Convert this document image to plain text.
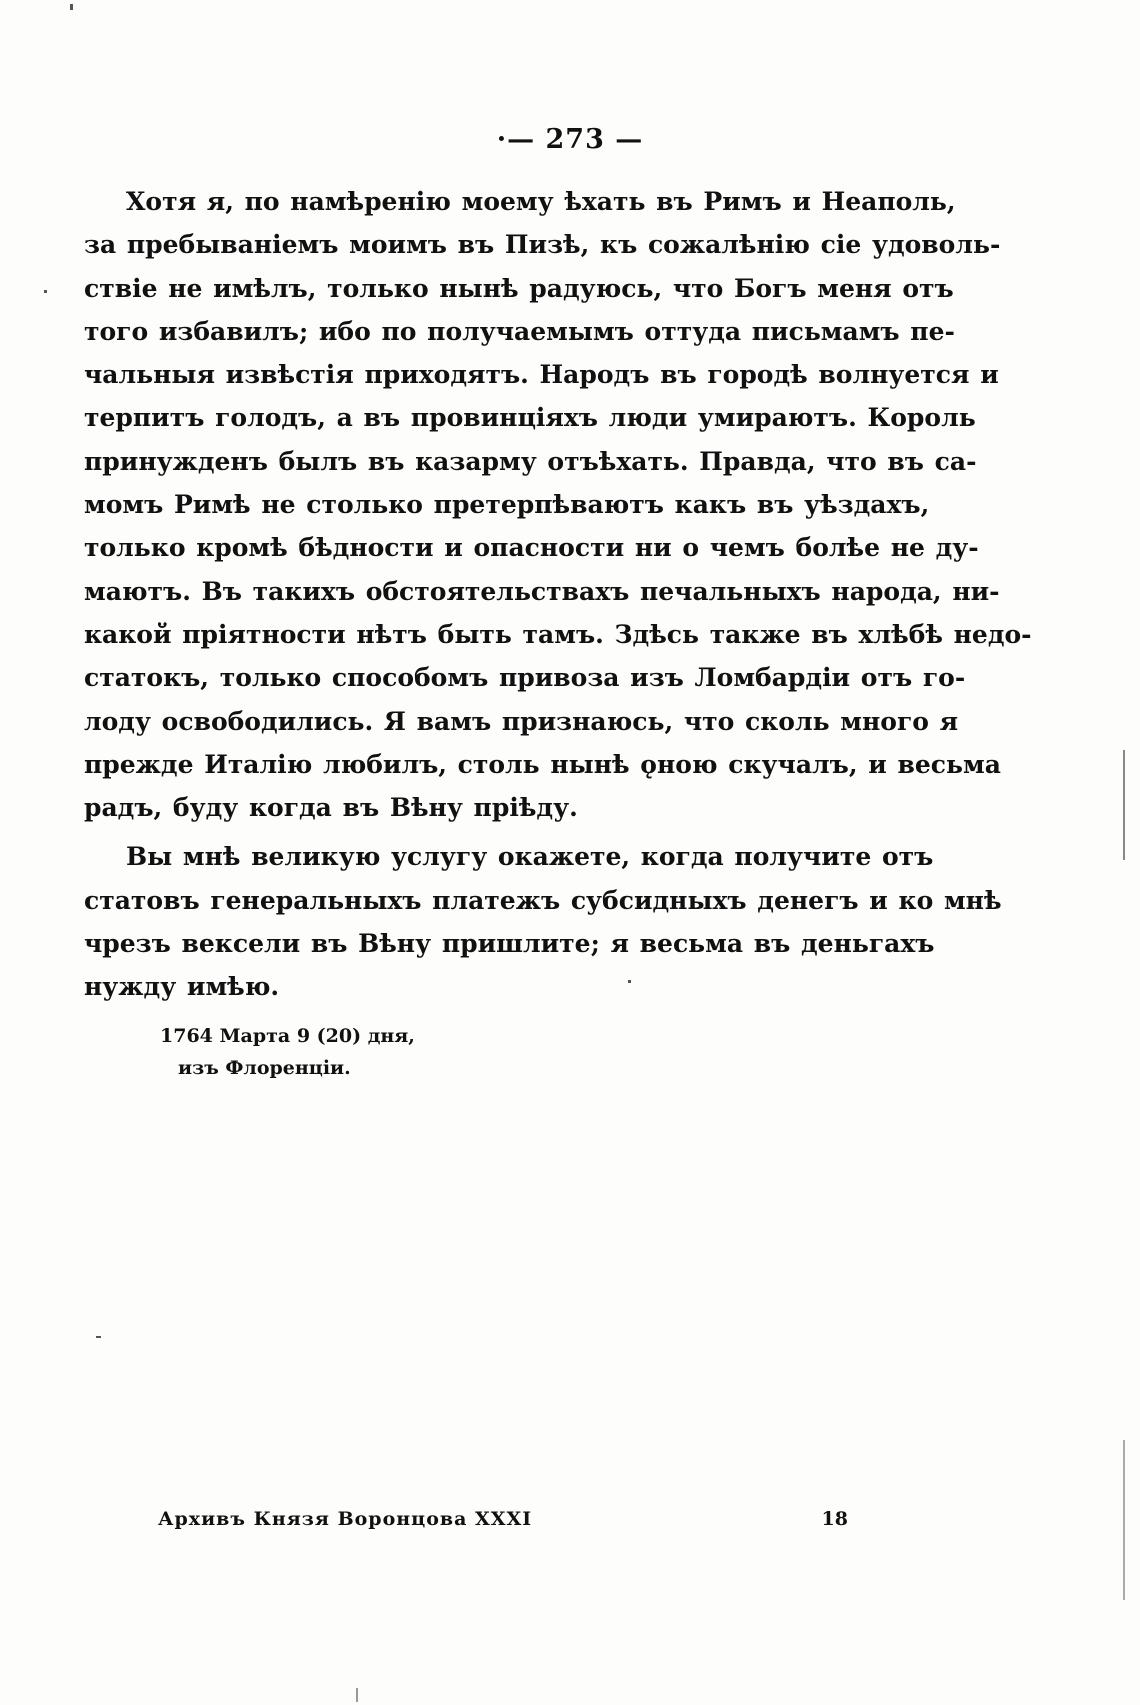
·— 273 —
Хотя я, по намѣренію моему ѣхать въ Римъ и Неаполь,
за пребываніемъ моимъ въ Пизѣ, къ сожалѣнію сіе удоволь-
ствіе не имѣлъ, только нынѣ радуюсь, что Богъ меня отъ
того избавилъ; ибо по получаемымъ оттуда письмамъ пе-
чальныя извѣстія приходятъ. Народъ въ городѣ волнуется и
терпитъ голодъ, а въ провинціяхъ люди умираютъ. Король
принужденъ былъ въ казарму отъѣхать. Правда, что въ са-
момъ Римѣ не столько претерпѣваютъ какъ въ уѣздахъ,
только кромѣ бѣдности и опасности ни о чемъ болѣе не ду-
маютъ. Въ такихъ обстоятельствахъ печальныхъ народа, ни-
какой пріятности нѣтъ быть тамъ. Здѣсь также въ хлѣбѣ недо-
статокъ, только способомъ привоза изъ Ломбардіи отъ го-
лоду освободились. Я вамъ признаюсь, что сколь много я
прежде Италію любилъ, столь нынѣ ǫною скучалъ, и весьма
радъ, буду когда въ Вѣну пріѣду.
Вы мнѣ великую услугу окажете, когда получите отъ
статовъ генеральныхъ платежъ субсидныхъ денегъ и ко мнѣ
чрезъ вексели въ Вѣну пришлите; я весьма въ деньгахъ
нужду имѣю.
1764 Марта 9 (20) дня,
изъ Флоренціи.
Архивъ Князя Воронцова XXXI	18
